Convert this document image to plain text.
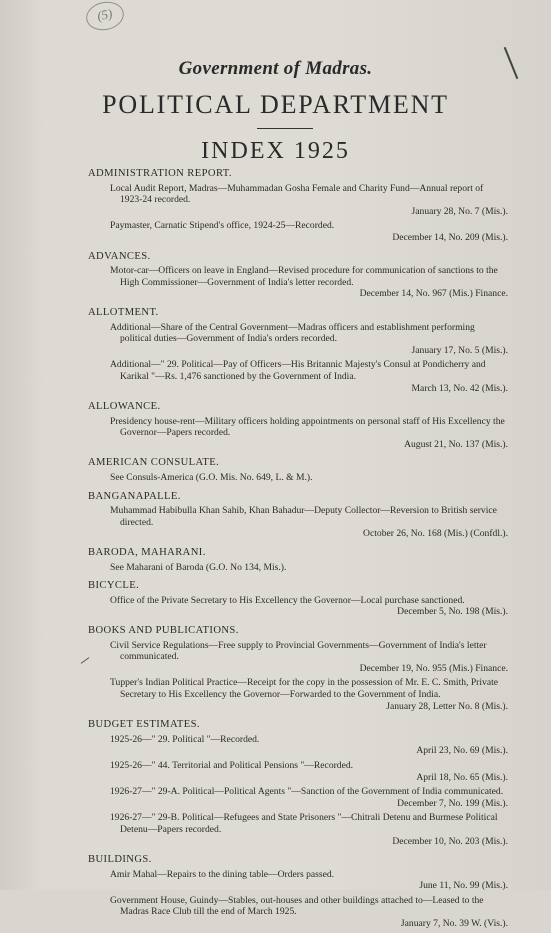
(5)
Government of Madras.
POLITICAL DEPARTMENT
INDEX 1925
ADMINISTRATION REPORT.
Local Audit Report, Madras—Muhammadan Gosha Female and Charity Fund—Annual report of 1923-24 recorded.
January 28, No. 7 (Mis.).
Paymaster, Carnatic Stipend's office, 1924-25—Recorded.
December 14, No. 209 (Mis.).
ADVANCES.
Motor-car—Officers on leave in England—Revised procedure for communication of sanctions to the High Commissioner—Government of India's letter recorded.
December 14, No. 967 (Mis.) Finance.
ALLOTMENT.
Additional—Share of the Central Government—Madras officers and establishment performing political duties—Government of India's orders recorded.
January 17, No. 5 (Mis.).
Additional—" 29. Political—Pay of Officers—His Britannic Majesty's Consul at Pondicherry and Karikal "—Rs. 1,476 sanctioned by the Government of India.
March 13, No. 42 (Mis.).
ALLOWANCE.
Presidency house-rent—Military officers holding appointments on personal staff of His Excellency the Governor—Papers recorded.
August 21, No. 137 (Mis.).
AMERICAN CONSULATE.
See Consuls-America (G.O. Mis. No. 649, L. & M.).
BANGANAPALLE.
Muhammad Habibulla Khan Sahib, Khan Bahadur—Deputy Collector—Reversion to British service directed.
October 26, No. 168 (Mis.) (Confdl.).
BARODA, MAHARANI.
See Maharani of Baroda (G.O. No 134, Mis.).
BICYCLE.
Office of the Private Secretary to His Excellency the Governor—Local purchase sanctioned.
December 5, No. 198 (Mis.).
BOOKS AND PUBLICATIONS.
Civil Service Regulations—Free supply to Provincial Governments—Government of India's letter communicated.
December 19, No. 955 (Mis.) Finance.
Tupper's Indian Political Practice—Receipt for the copy in the possession of Mr. E. C. Smith, Private Secretary to His Excellency the Governor—Forwarded to the Government of India.
January 28, Letter No. 8 (Mis.).
BUDGET ESTIMATES.
1925-26—" 29. Political "—Recorded.
April 23, No. 69 (Mis.).
1925-26—" 44. Territorial and Political Pensions "—Recorded.
April 18, No. 65 (Mis.).
1926-27—" 29-A. Political—Political Agents "—Sanction of the Government of India communicated.
December 7, No. 199 (Mis.).
1926-27—" 29-B. Political—Refugees and State Prisoners "—Chitrali Detenu and Burmese Political Detenu—Papers recorded.
December 10, No. 203 (Mis.).
BUILDINGS.
Amir Mahal—Repairs to the dining table—Orders passed.
June 11, No. 99 (Mis.).
Government House, Guindy—Stables, out-houses and other buildings attached to—Leased to the Madras Race Club till the end of March 1925.
January 7, No. 39 W. (Vis.).
